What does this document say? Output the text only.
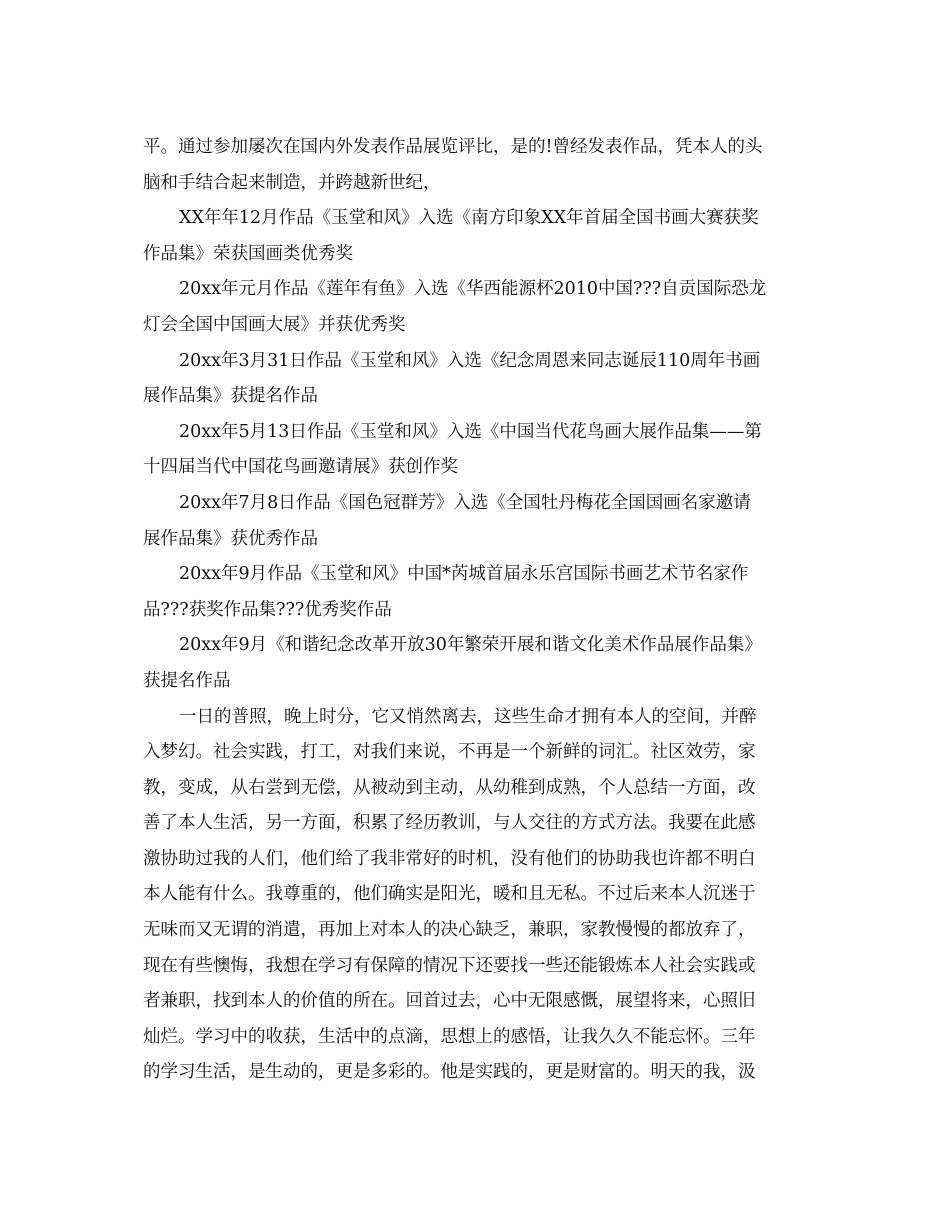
平。通过参加屡次在国内外发表作品展览评比，是的!曾经发表作品，凭本人的头
脑和手结合起来制造，并跨越新世纪，
XX年年12月作品《玉堂和风》入选《南方印象XX年首届全国书画大赛获奖
作品集》荣获国画类优秀奖
20xx年元月作品《莲年有鱼》入选《华西能源杯2010中国???自贡国际恐龙
灯会全国中国画大展》并获优秀奖
20xx年3月31日作品《玉堂和风》入选《纪念周恩来同志诞辰110周年书画
展作品集》获提名作品
20xx年5月13日作品《玉堂和风》入选《中国当代花鸟画大展作品集——第
十四届当代中国花鸟画邀请展》获创作奖
20xx年7月8日作品《国色冠群芳》入选《全国牡丹梅花全国国画名家邀请
展作品集》获优秀作品
20xx年9月作品《玉堂和风》中国*芮城首届永乐宫国际书画艺术节名家作
品???获奖作品集???优秀奖作品
20xx年9月《和谐纪念改革开放30年繁荣开展和谐文化美术作品展作品集》
获提名作品
一日的普照，晚上时分，它又悄然离去，这些生命才拥有本人的空间，并醉
入梦幻。社会实践，打工，对我们来说，不再是一个新鲜的词汇。社区效劳，家
教，变成，从右尝到无偿，从被动到主动，从幼稚到成熟，个人总结一方面，改
善了本人生活，另一方面，积累了经历教训，与人交往的方式方法。我要在此感
激协助过我的人们，他们给了我非常好的时机，没有他们的协助我也许都不明白
本人能有什么。我尊重的，他们确实是阳光，暖和且无私。不过后来本人沉迷于
无味而又无谓的消遣，再加上对本人的决心缺乏，兼职，家教慢慢的都放弃了，
现在有些懊悔，我想在学习有保障的情况下还要找一些还能锻炼本人社会实践或
者兼职，找到本人的价值的所在。回首过去，心中无限感慨，展望将来，心照旧
灿烂。学习中的收获，生活中的点滴，思想上的感悟，让我久久不能忘怀。三年
的学习生活，是生动的，更是多彩的。他是实践的，更是财富的。明天的我，汲
